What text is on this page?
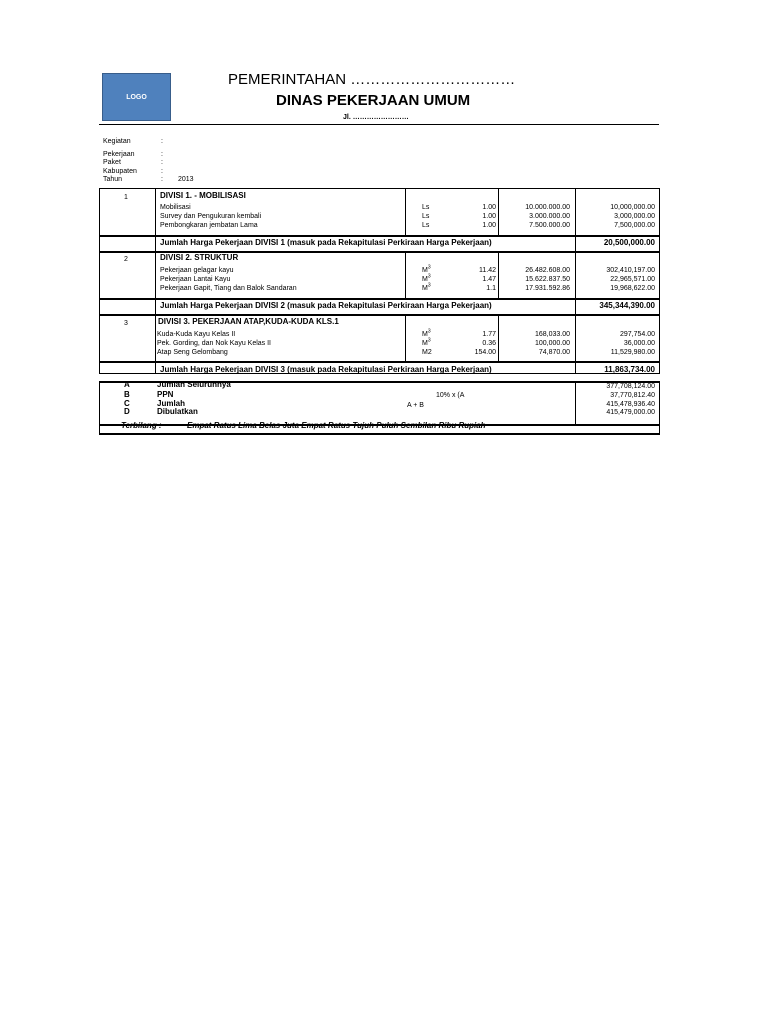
LOGO
PEMERINTAHAN ……………………………
DINAS PEKERJAAN UMUM
Jl. ……………………
Kegiatan	:
Pekerjaan	:
Paket	:
Kabupaten	:
Tahun	:	2013
1	DIVISI 1. - MOBILISASI
Mobilisasi	Ls	1.00	10.000.000.00	10,000,000.00
Survey dan Pengukuran kembali	Ls	1.00	3.000.000.00	3,000,000.00
Pembongkaran jembatan Lama	Ls	1.00	7.500.000.00	7,500,000.00
Jumlah Harga Pekerjaan DIVISI 1 (masuk pada Rekapitulasi Perkiraan Harga Pekerjaan)	20,500,000.00
2	DIVISI 2. STRUKTUR
Pekerjaan gelagar kayu	$M^3$	11.42	26.482.608.00	302,410,197.00
Pekerjaan Lantai Kayu	$M^3$	1.47	15.622.837.50	22,965,571.00
Pekerjaan Gapit, Tiang dan Balok Sandaran	$M^3$	1.1	17.931.592.86	19,968,622.00
Jumlah Harga Pekerjaan DIVISI 2 (masuk pada Rekapitulasi Perkiraan Harga Pekerjaan)	345,344,390.00
3	DIVISI 3. PEKERJAAN ATAP,KUDA-KUDA KLS.1
Kuda-Kuda Kayu Kelas II	$M^3$	1.77	168,033.00	297,754.00
Pek. Gording, dan Nok Kayu Kelas II	$M^3$	0.36	100,000.00	36,000.00
Atap Seng Gelombang	M2	154.00	74,870.00	11,529,980.00
Jumlah Harga Pekerjaan DIVISI 3 (masuk pada Rekapitulasi Perkiraan Harga Pekerjaan)	11,863,734.00
A	Jumlah Seluruhnya	377,708,124.00
B	PPN	10% x (A	37,770,812.40
C	Jumlah	A + B	415,478,936.40
D	Dibulatkan	415,479,000.00
Terbilang :	Empat Ratus Lima Belas Juta Empat Ratus Tujuh Puluh Sembilan Ribu Rupiah
